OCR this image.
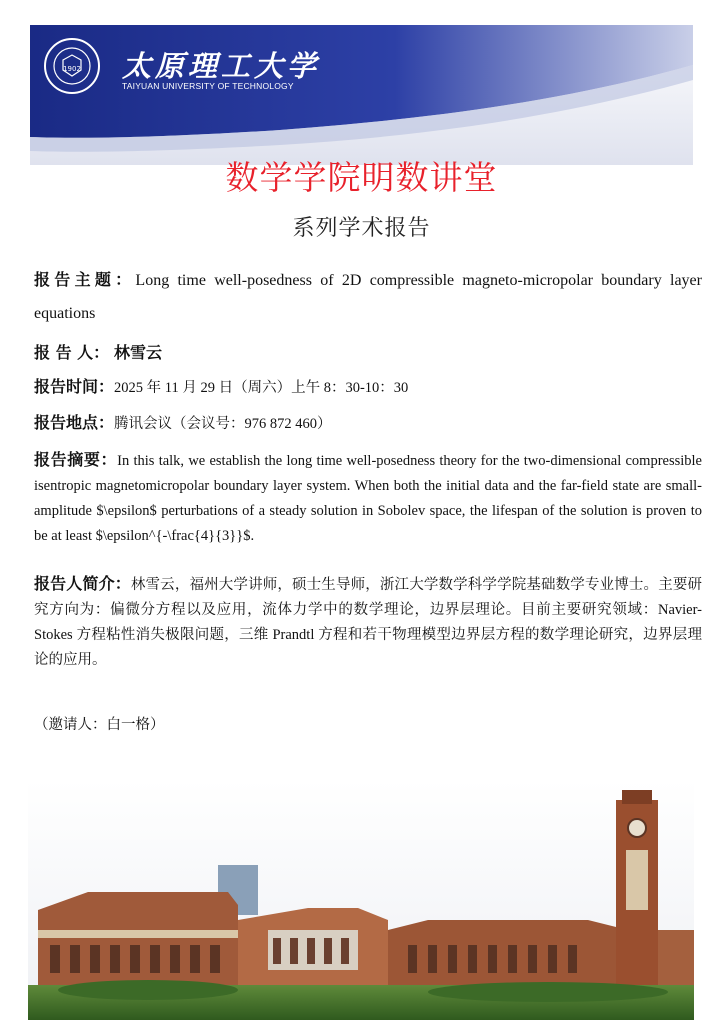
1902 太原理工大学
TAIYUAN UNIVERSITY OF TECHNOLOGY
数学学院明数讲堂
系列学术报告
报告主题：Long time well-posedness of 2D compressible magneto-micropolar boundary layer equations
报 告 人： 林雪云
报告时间：2025 年 11 月 29 日（周六）上午 8：30-10：30
报告地点：腾讯会议（会议号：976 872 460）
报告摘要：In this talk, we establish the long time well-posedness theory for the two-dimensional compressible isentropic magnetomicropolar boundary layer system. When both the initial data and the far-field state are small-amplitude $\epsilon$ perturbations of a steady solution in Sobolev space, the lifespan of the solution is proven to be at least $\epsilon^{-\frac{4}{3}}$.
报告人简介：林雪云，福州大学讲师，硕士生导师，浙江大学数学科学学院基础数学专业博士。主要研究方向为：偏微分方程以及应用，流体力学中的数学理论，边界层理论。目前主要研究领域：Navier-Stokes 方程粘性消失极限问题，三维 Prandtl 方程和若干物理模型边界层方程的数学理论研究，边界层理论的应用。
（邀请人：白一格）
